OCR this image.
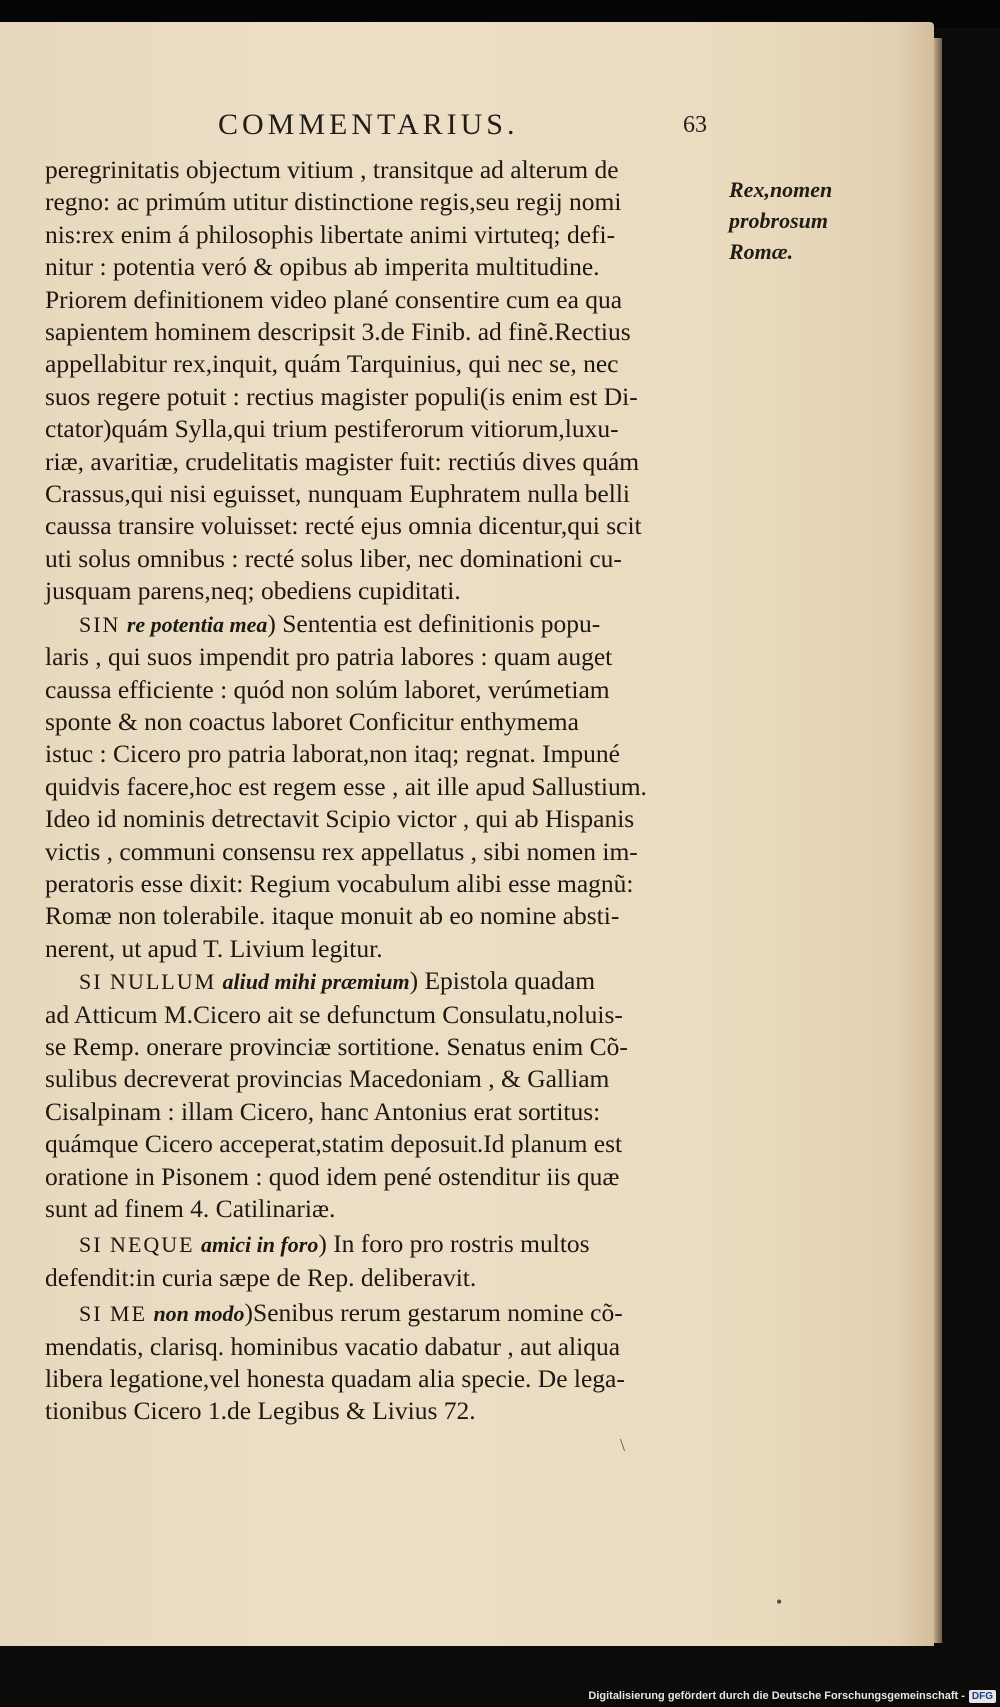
COMMENTARIUS.	63
Rex,nomen
probrosum
Romæ.
peregrinitatis objectum vitium , transitque ad alterum de
regno: ac primúm utitur distinctione regis,seu regij nomi
nis:rex enim á philosophis libertate animi virtuteq; defi-
nitur : potentia veró & opibus ab imperita multitudine.
Priorem definitionem video plané consentire cum ea qua
sapientem hominem descripsit 3.de Finib. ad finẽ.Rectius
appellabitur rex,inquit, quám Tarquinius, qui nec se, nec
suos regere potuit : rectius magister populi(is enim est Di-
ctator)quám Sylla,qui trium pestiferorum vitiorum,luxu-
riæ, avaritiæ, crudelitatis magister fuit: rectiús dives quám
Crassus,qui nisi eguisset, nunquam Euphratem nulla belli
caussa transire voluisset: recté ejus omnia dicentur,qui scit
uti solus omnibus : recté solus liber, nec dominationi cu-
jusquam parens,neq; obediens cupiditati.
SIN re potentia mea) Sententia est definitionis popu-
laris , qui suos impendit pro patria labores : quam auget
caussa efficiente : quód non solúm laboret, verúmetiam
sponte & non coactus laboret Conficitur enthymema
istuc : Cicero pro patria laborat,non itaq; regnat. Impuné
quidvis facere,hoc est regem esse , ait ille apud Sallustium.
Ideo id nominis detrectavit Scipio victor , qui ab Hispanis
victis , communi consensu rex appellatus , sibi nomen im-
peratoris esse dixit: Regium vocabulum alibi esse magnũ:
Romæ non tolerabile. itaque monuit ab eo nomine absti-
nerent, ut apud T. Livium legitur.
SI NULLUM aliud mihi præmium) Epistola quadam
ad Atticum M.Cicero ait se defunctum Consulatu,noluis-
se Remp. onerare provinciæ sortitione. Senatus enim Cõ-
sulibus decreverat provincias Macedoniam , & Galliam
Cisalpinam : illam Cicero, hanc Antonius erat sortitus:
quámque Cicero acceperat,statim deposuit.Id planum est
oratione in Pisonem : quod idem pené ostenditur iis quæ
sunt ad finem 4. Catilinariæ.
SI NEQUE amici in foro) In foro pro rostris multos
defendit:in curia sæpe de Rep. deliberavit.
SI ME non modo)Senibus rerum gestarum nomine cõ-
mendatis, clarisq. hominibus vacatio dabatur , aut aliqua
libera legatione,vel honesta quadam alia specie. De lega-
tionibus Cicero 1.de Legibus & Livius 72.
\
•
Digitalisierung gefördert durch die Deutsche Forschungsgemeinschaft - DFG
